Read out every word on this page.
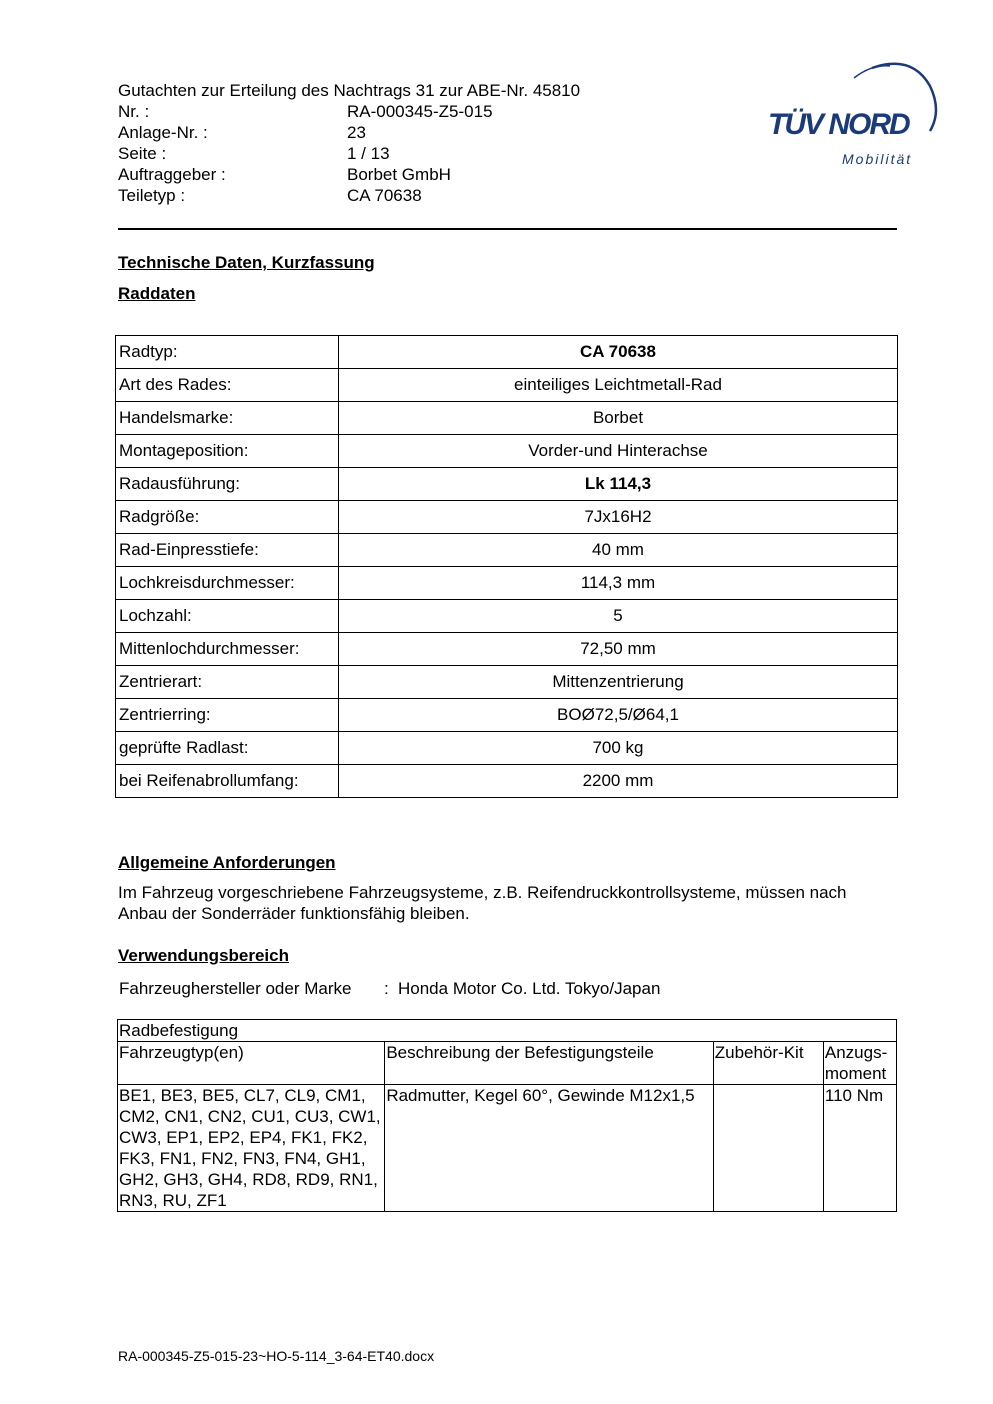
Gutachten zur Erteilung des Nachtrags 31 zur ABE-Nr. 45810
Nr. :	RA-000345-Z5-015
Anlage-Nr. :	23
Seite :	1 / 13
Auftraggeber :	Borbet GmbH
Teiletyp :	CA 70638
TÜV NORD
Mobilität
Technische Daten, Kurzfassung
Raddaten
Radtyp:	CA 70638
Art des Rades:	einteiliges Leichtmetall-Rad
Handelsmarke:	Borbet
Montageposition:	Vorder-und Hinterachse
Radausführung:	Lk 114,3
Radgröße:	7Jx16H2
Rad-Einpresstiefe:	40 mm
Lochkreisdurchmesser:	114,3 mm
Lochzahl:	5
Mittenlochdurchmesser:	72,50 mm
Zentrierart:	Mittenzentrierung
Zentrierring:	BOØ72,5/Ø64,1
geprüfte Radlast:	700 kg
bei Reifenabrollumfang:	2200 mm
Allgemeine Anforderungen
Im Fahrzeug vorgeschriebene Fahrzeugsysteme, z.B. Reifendruckkontrollsysteme, müssen nach Anbau der Sonderräder funktionsfähig bleiben.
Verwendungsbereich
Fahrzeughersteller oder Marke : Honda Motor Co. Ltd. Tokyo/Japan
Radbefestigung			
Fahrzeugtyp(en)	Beschreibung der Befestigungsteile	Zubehör-Kit	Anzugs-moment
BE1, BE3, BE5, CL7, CL9, CM1, CM2, CN1, CN2, CU1, CU3, CW1, CW3, EP1, EP2, EP4, FK1, FK2, FK3, FN1, FN2, FN3, FN4, GH1, GH2, GH3, GH4, RD8, RD9, RN1, RN3, RU, ZF1	Radmutter, Kegel 60°, Gewinde M12x1,5		110 Nm
RA-000345-Z5-015-23~HO-5-114_3-64-ET40.docx
